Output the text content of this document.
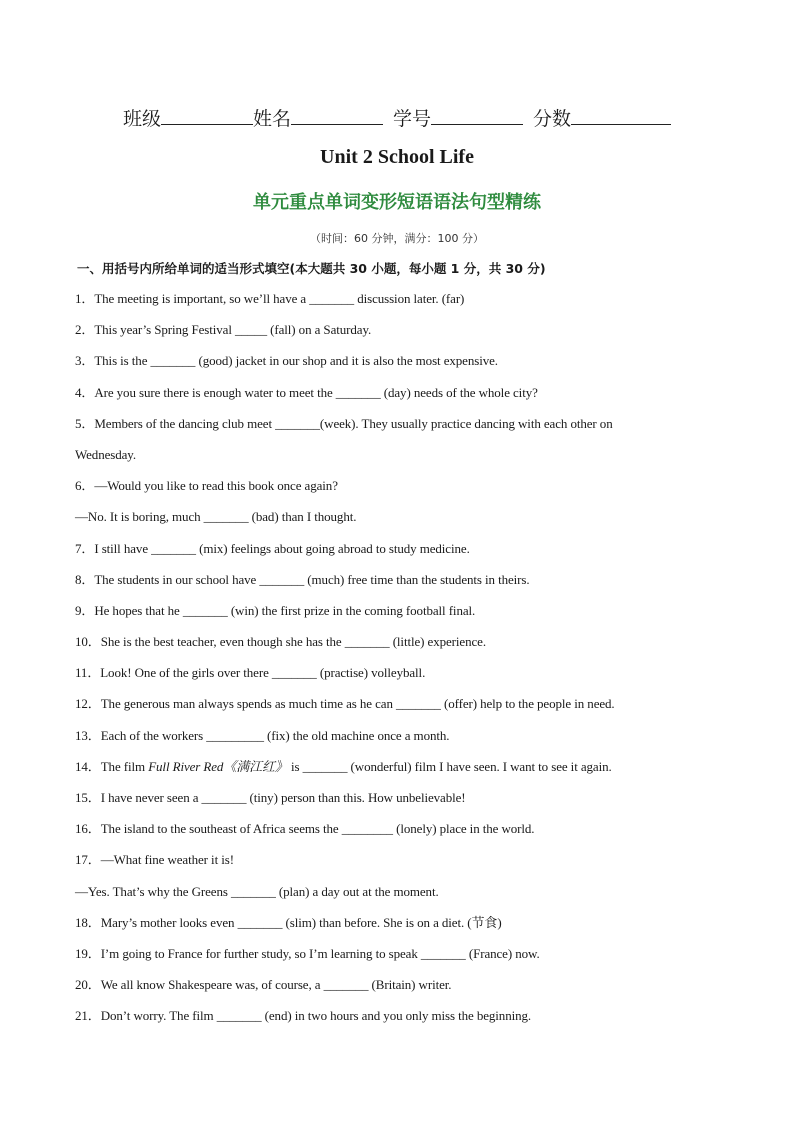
班级	姓名	学号	分数
Unit 2 School Life
单元重点单词变形短语语法句型精练
（时间：60 分钟，满分：100 分）
一、用括号内所给单词的适当形式填空(本大题共 30 小题，每小题 1 分，共 30 分)
1．The meeting is important, so we’ll have a _______ discussion later. (far)
2．This year’s Spring Festival _____ (fall) on a Saturday.
3．This is the _______ (good) jacket in our shop and it is also the most expensive.
4．Are you sure there is enough water to meet the _______ (day) needs of the whole city?
5．Members of the dancing club meet _______(week). They usually practice dancing with each other on
Wednesday.
6．—Would you like to read this book once again?
—No. It is boring, much _______ (bad) than I thought.
7．I still have _______ (mix) feelings about going abroad to study medicine.
8．The students in our school have _______ (much) free time than the students in theirs.
9．He hopes that he _______ (win) the first prize in the coming football final.
10．She is the best teacher, even though she has the _______ (little) experience.
11．Look! One of the girls over there _______ (practise) volleyball.
12．The generous man always spends as much time as he can _______ (offer) help to the people in need.
13．Each of the workers _________ (fix) the old machine once a month.
14．The film Full River Red《满江红》 is _______ (wonderful) film I have seen. I want to see it again.
15．I have never seen a _______ (tiny) person than this. How unbelievable!
16．The island to the southeast of Africa seems the ________ (lonely) place in the world.
17．—What fine weather it is!
—Yes. That’s why the Greens _______ (plan) a day out at the moment.
18．Mary’s mother looks even _______ (slim) than before. She is on a diet. (节食)
19．I’m going to France for further study, so I’m learning to speak _______ (France) now.
20．We all know Shakespeare was, of course, a _______ (Britain) writer.
21．Don’t worry. The film _______ (end) in two hours and you only miss the beginning.
